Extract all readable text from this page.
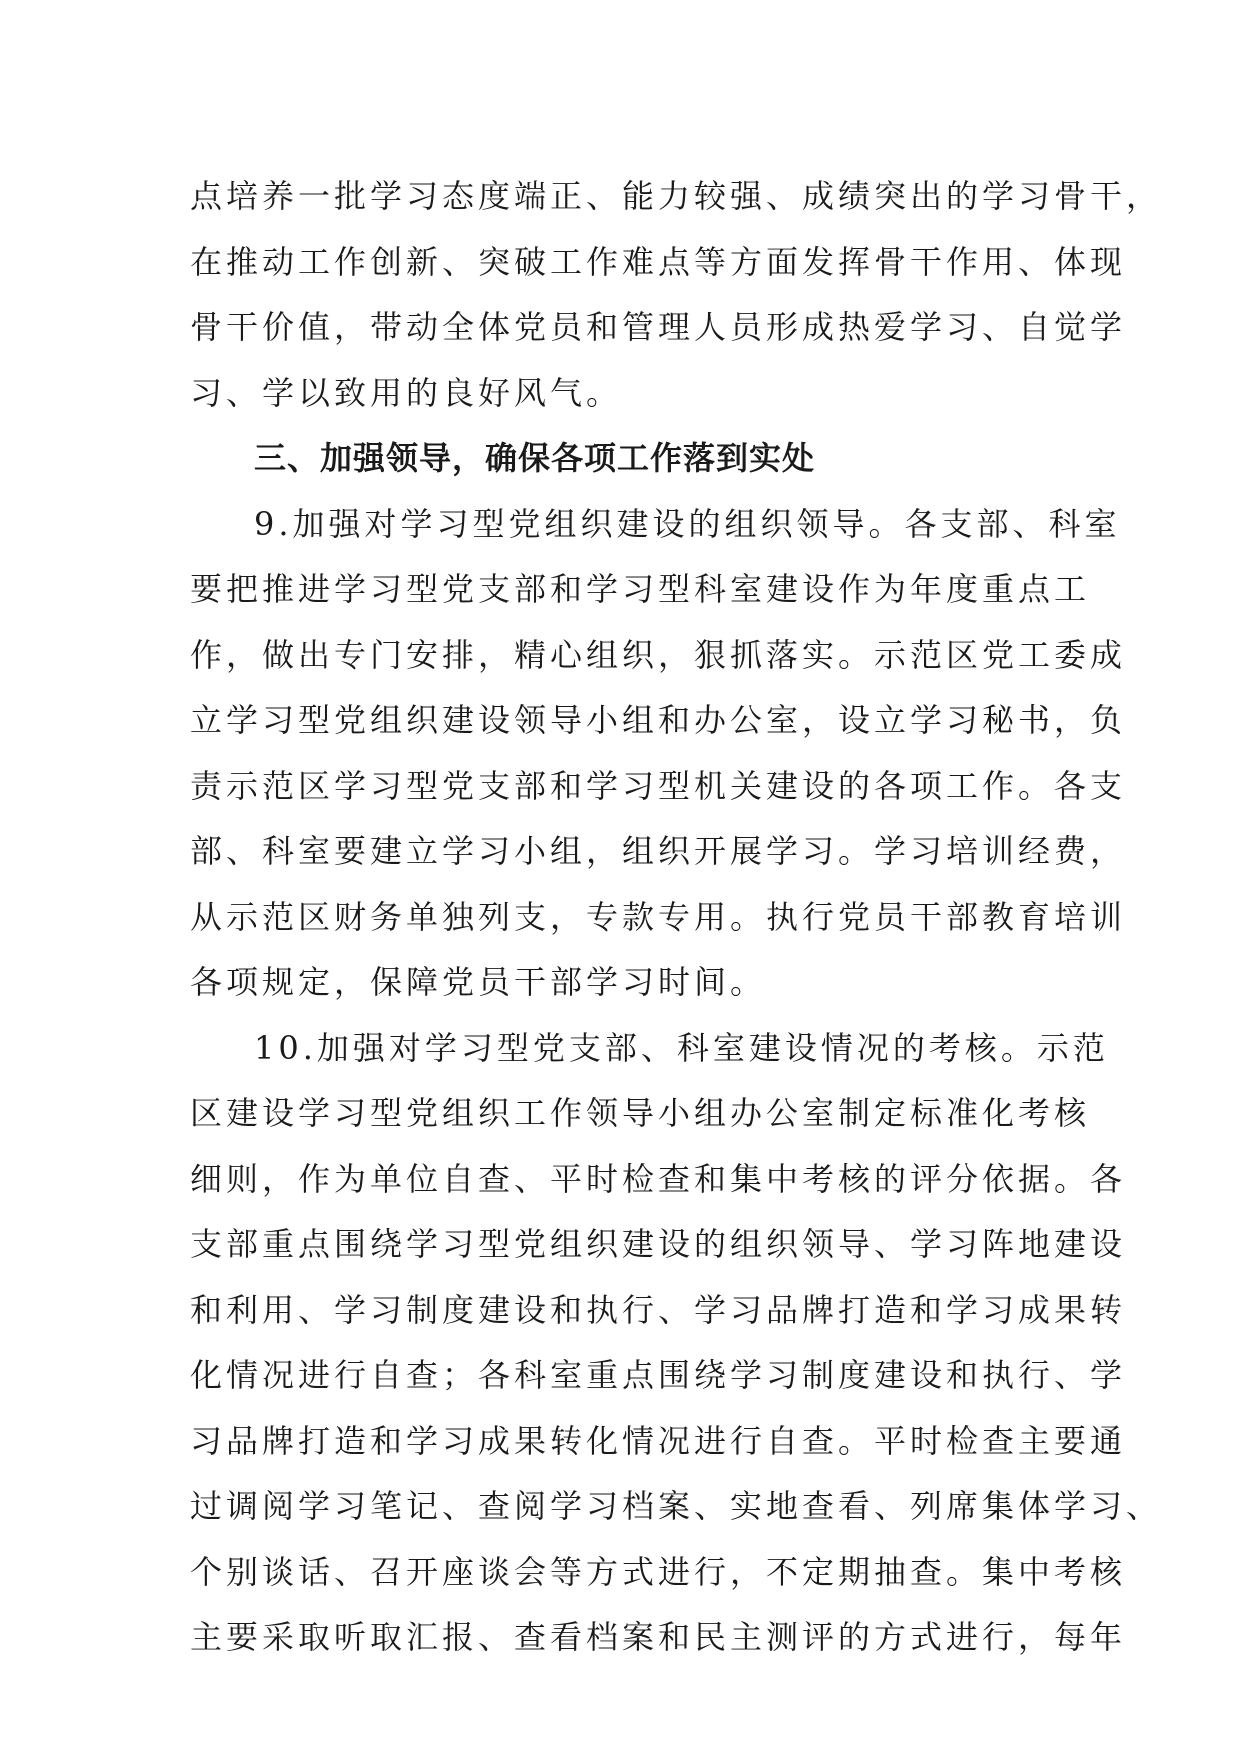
点培养一批学习态度端正、能力较强、成绩突出的学习骨干，
在推动工作创新、突破工作难点等方面发挥骨干作用、体现
骨干价值，带动全体党员和管理人员形成热爱学习、自觉学
习、学以致用的良好风气。
三、加强领导，确保各项工作落到实处
9.加强对学习型党组织建设的组织领导。各支部、科室
要把推进学习型党支部和学习型科室建设作为年度重点工
作，做出专门安排，精心组织，狠抓落实。示范区党工委成
立学习型党组织建设领导小组和办公室，设立学习秘书，负
责示范区学习型党支部和学习型机关建设的各项工作。各支
部、科室要建立学习小组，组织开展学习。学习培训经费，
从示范区财务单独列支，专款专用。执行党员干部教育培训
各项规定，保障党员干部学习时间。
10.加强对学习型党支部、科室建设情况的考核。示范
区建设学习型党组织工作领导小组办公室制定标准化考核
细则，作为单位自查、平时检查和集中考核的评分依据。各
支部重点围绕学习型党组织建设的组织领导、学习阵地建设
和利用、学习制度建设和执行、学习品牌打造和学习成果转
化情况进行自查；各科室重点围绕学习制度建设和执行、学
习品牌打造和学习成果转化情况进行自查。平时检查主要通
过调阅学习笔记、查阅学习档案、实地查看、列席集体学习、
个别谈话、召开座谈会等方式进行，不定期抽查。集中考核
主要采取听取汇报、查看档案和民主测评的方式进行，每年
